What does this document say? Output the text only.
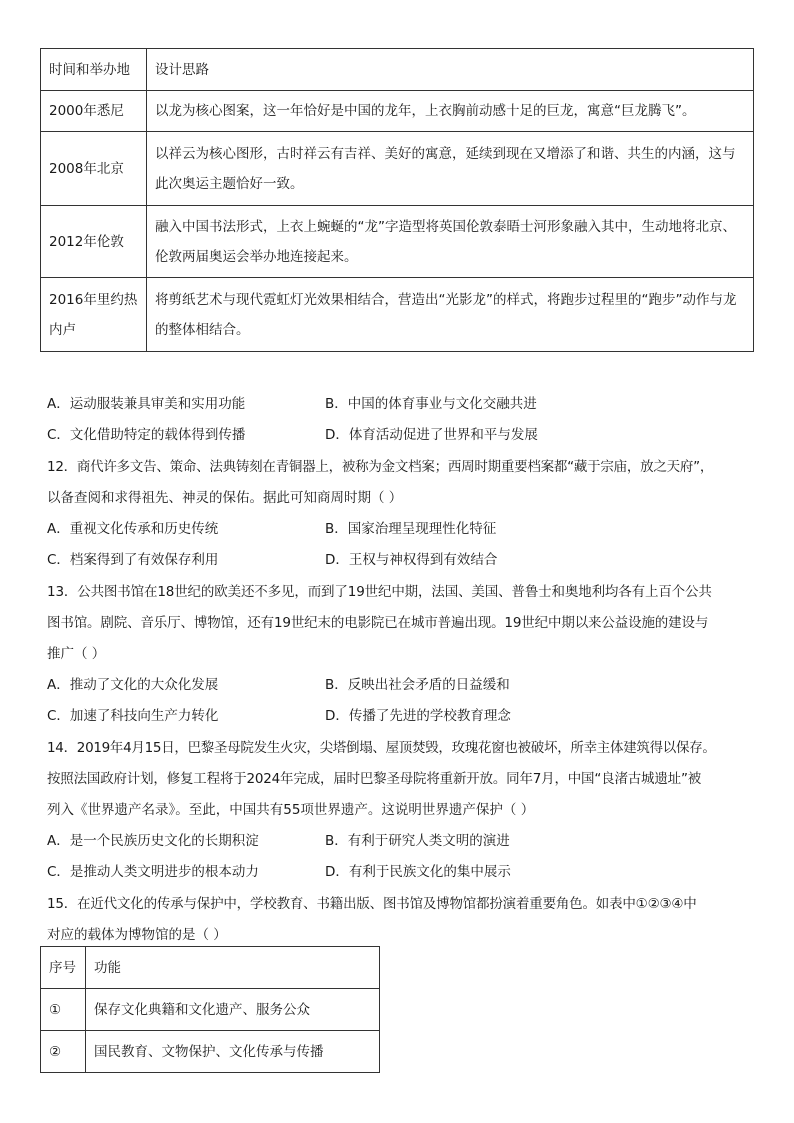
时间和举办地	设计思路
2000年悉尼	以龙为核心图案，这一年恰好是中国的龙年，上衣胸前动感十足的巨龙，寓意“巨龙腾飞”。
2008年北京	以祥云为核心图形，古时祥云有吉祥、美好的寓意，延续到现在又增添了和谐、共生的内涵，这与此次奥运主题恰好一致。
2012年伦敦	融入中国书法形式，上衣上蜿蜒的“龙”字造型将英国伦敦泰晤士河形象融入其中，生动地将北京、伦敦两届奥运会举办地连接起来。
2016年里约热内卢	将剪纸艺术与现代霓虹灯光效果相结合，营造出“光影龙”的样式，将跑步过程里的“跑步”动作与龙的整体相结合。
A．运动服装兼具审美和实用功能	B．中国的体育事业与文化交融共进
C．文化借助特定的载体得到传播	D．体育活动促进了世界和平与发展
12．商代许多文告、策命、法典铸刻在青铜器上，被称为金文档案；西周时期重要档案都“藏于宗庙，放之天府”，
以备查阅和求得祖先、神灵的保佑。据此可知商周时期（ ）
A．重视文化传承和历史传统	B．国家治理呈现理性化特征
C．档案得到了有效保存利用	D．王权与神权得到有效结合
13．公共图书馆在18世纪的欧美还不多见，而到了19世纪中期，法国、美国、普鲁士和奥地利均各有上百个公共
图书馆。剧院、音乐厅、博物馆，还有19世纪末的电影院已在城市普遍出现。19世纪中期以来公益设施的建设与
推广（ ）
A．推动了文化的大众化发展	B．反映出社会矛盾的日益缓和
C．加速了科技向生产力转化	D．传播了先进的学校教育理念
14．2019年4月15日，巴黎圣母院发生火灾，尖塔倒塌、屋顶焚毁，玫瑰花窗也被破坏，所幸主体建筑得以保存。
按照法国政府计划，修复工程将于2024年完成，届时巴黎圣母院将重新开放。同年7月，中国“良渚古城遗址”被
列入《世界遗产名录》。至此，中国共有55项世界遗产。这说明世界遗产保护（ ）
A．是一个民族历史文化的长期积淀	B．有利于研究人类文明的演进
C．是推动人类文明进步的根本动力	D．有利于民族文化的集中展示
15．在近代文化的传承与保护中，学校教育、书籍出版、图书馆及博物馆都扮演着重要角色。如表中①②③④中
对应的载体为博物馆的是（ ）
序号	功能
①	保存文化典籍和文化遗产、服务公众
②	国民教育、文物保护、文化传承与传播
